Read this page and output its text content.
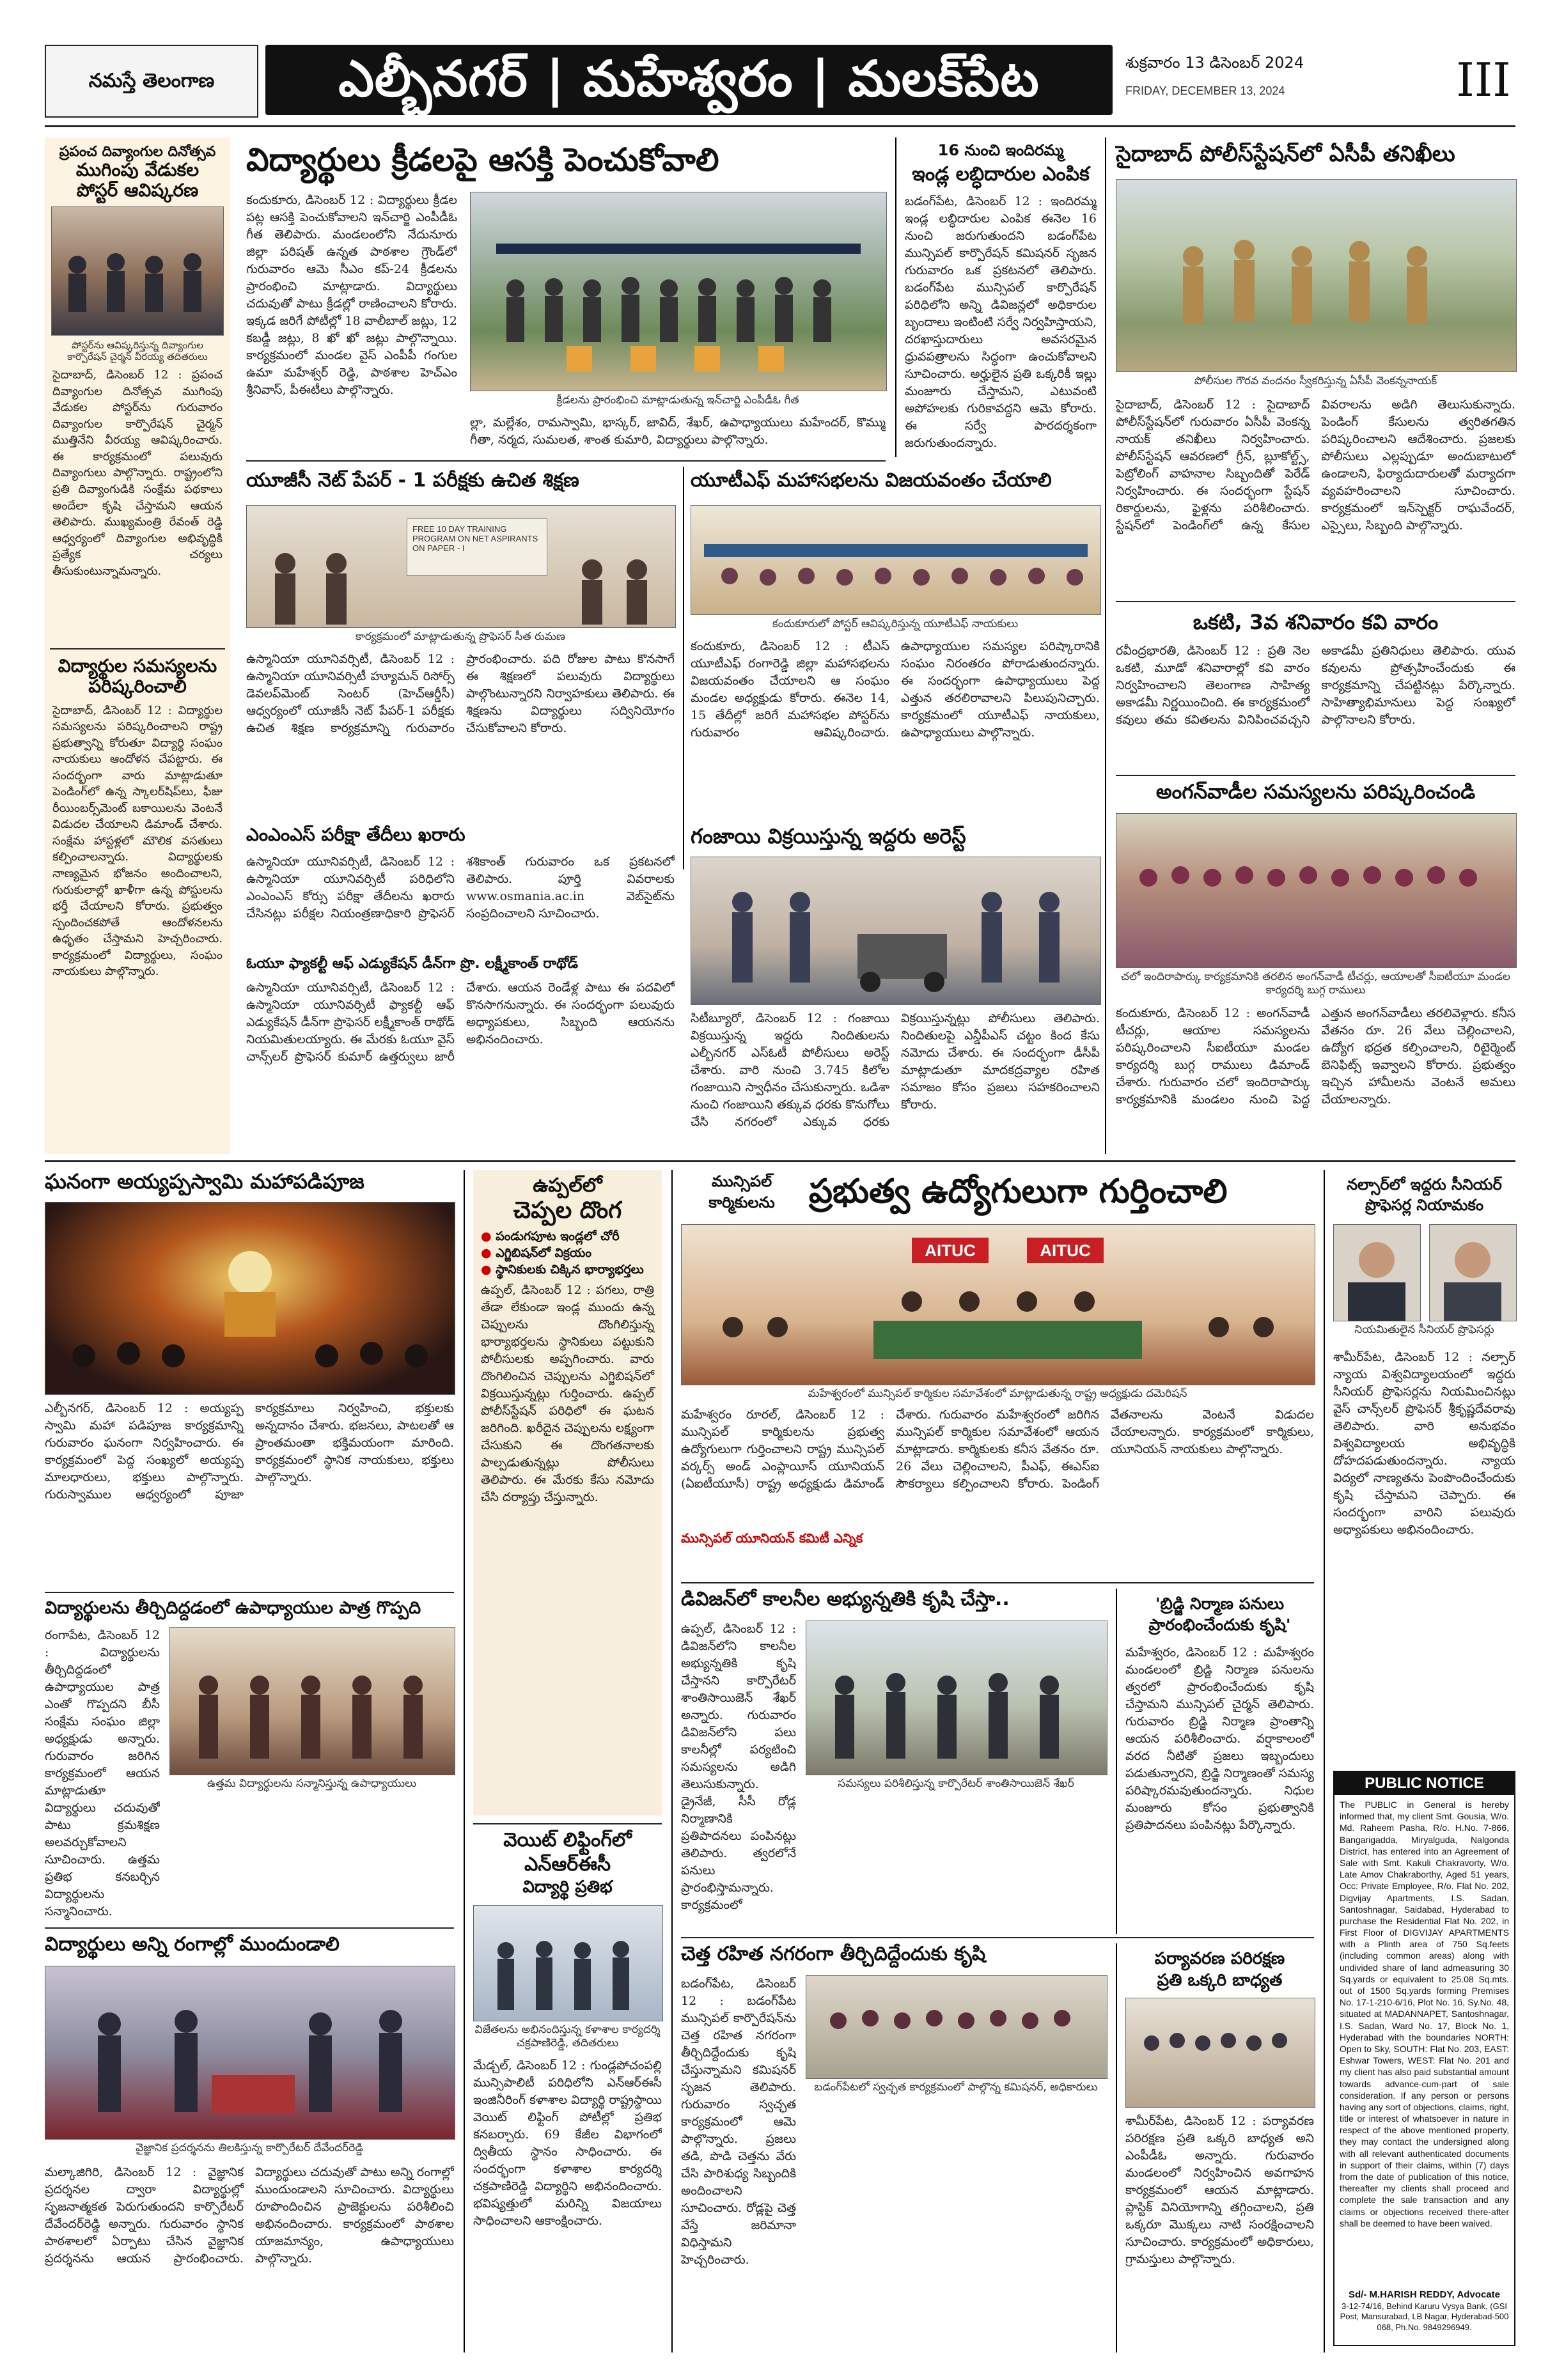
నమస్తే తెలంగాణ	ఎల్బీనగర్ | మహేశ్వరం | మలక్‌పేట	శుక్రవారం 13 డిసెంబర్ 2024
FRIDAY, DECEMBER 13, 2024	III
ప్రపంచ దివ్యాంగుల దినోత్సవ
ముగింపు వేడుకల
పోస్టర్ ఆవిష్కరణ
పోస్టర్‌ను ఆవిష్కరిస్తున్న దివ్యాంగుల కార్పొరేషన్ చైర్మన్ వీరయ్య తదితరులు
సైదాబాద్, డిసెంబర్ 12 : ప్రపంచ దివ్యాంగుల దినోత్సవ ముగింపు వేడుకల పోస్టర్‌ను గురువారం దివ్యాంగుల కార్పొరేషన్ చైర్మన్ ముత్తినేని వీరయ్య ఆవిష్కరించారు. ఈ కార్యక్రమంలో పలువురు దివ్యాంగులు పాల్గొన్నారు. రాష్ట్రంలోని ప్రతి దివ్యాంగుడికి సంక్షేమ పథకాలు అందేలా కృషి చేస్తామని ఆయన తెలిపారు. ముఖ్యమంత్రి రేవంత్ రెడ్డి ఆధ్వర్యంలో దివ్యాంగుల అభివృద్ధికి ప్రత్యేక చర్యలు తీసుకుంటున్నామన్నారు.
విద్యార్థుల సమస్యలను
పరిష్కరించాలి
సైదాబాద్, డిసెంబర్ 12 : విద్యార్థుల సమస్యలను పరిష్కరించాలని రాష్ట్ర ప్రభుత్వాన్ని కోరుతూ విద్యార్థి సంఘం నాయకులు ఆందోళన చేపట్టారు. ఈ సందర్భంగా వారు మాట్లాడుతూ పెండింగ్‌లో ఉన్న స్కాలర్‌షిప్‌లు, ఫీజు రీయింబర్స్‌మెంట్ బకాయిలను వెంటనే విడుదల చేయాలని డిమాండ్ చేశారు. సంక్షేమ హాస్టళ్లలో మౌలిక వసతులు కల్పించాలన్నారు. విద్యార్థులకు నాణ్యమైన భోజనం అందించాలని, గురుకులాల్లో ఖాళీగా ఉన్న పోస్టులను భర్తీ చేయాలని కోరారు. ప్రభుత్వం స్పందించకపోతే ఆందోళనలను ఉధృతం చేస్తామని హెచ్చరించారు. కార్యక్రమంలో విద్యార్థులు, సంఘం నాయకులు పాల్గొన్నారు.
విద్యార్థులు క్రీడలపై ఆసక్తి పెంచుకోవాలి
కందుకూరు, డిసెంబర్ 12 : విద్యార్థులు క్రీడల పట్ల ఆసక్తి పెంచుకోవాలని ఇన్‌చార్జి ఎంపీడీఓ గీత తెలిపారు. మండలంలోని నేదునూరు జిల్లా పరిషత్ ఉన్నత పాఠశాల గ్రౌండ్‌లో గురువారం ఆమె సీఎం కప్-24 క్రీడలను ప్రారంభించి మాట్లాడారు. విద్యార్థులు చదువుతో పాటు క్రీడల్లో రాణించాలని కోరారు. ఇక్కడ జరిగే పోటీల్లో 18 వాలీబాల్ జట్లు, 12 కబడ్డీ జట్లు, 8 ఖో ఖో జట్లు పాల్గొన్నాయి. కార్యక్రమంలో మండల వైస్ ఎంపీపీ గంగుల ఉమా మహేశ్వర్ రెడ్డి, పాఠశాల హెచ్‌ఎం శ్రీనివాస్, పీఈటీలు పాల్గొన్నారు.
క్రీడలను ప్రారంభించి మాట్లాడుతున్న ఇన్‌చార్జి ఎంపీడీఓ గీత
ల్లా, మల్లేశం, రామస్వామి, భాస్కర్, జావిద్, శేఖర్, ఉపాధ్యాయులు మహేందర్, కొమ్ము గీతా, నర్మద, సుమలత, శాంత కుమారి, విద్యార్థులు పాల్గొన్నారు.
16 నుంచి ఇందిరమ్మ
ఇండ్ల లబ్ధిదారుల ఎంపిక
బడంగ్‌పేట, డిసెంబర్ 12 : ఇందిరమ్మ ఇండ్ల లబ్ధిదారుల ఎంపిక ఈనెల 16 నుంచి జరుగుతుందని బడంగ్‌పేట మున్సిపల్ కార్పొరేషన్ కమిషనర్ సృజన గురువారం ఒక ప్రకటనలో తెలిపారు. బడంగ్‌పేట మున్సిపల్ కార్పొరేషన్ పరిధిలోని అన్ని డివిజన్లలో అధికారుల బృందాలు ఇంటింటి సర్వే నిర్వహిస్తాయని, దరఖాస్తుదారులు అవసరమైన ధ్రువపత్రాలను సిద్ధంగా ఉంచుకోవాలని సూచించారు. అర్హులైన ప్రతి ఒక్కరికీ ఇల్లు మంజూరు చేస్తామని, ఎటువంటి అపోహలకు గురికావద్దని ఆమె కోరారు. ఈ సర్వే పారదర్శకంగా జరుగుతుందన్నారు.
సైదాబాద్ పోలీస్‌స్టేషన్‌లో ఏసీపీ తనిఖీలు
పోలీసుల గౌరవ వందనం స్వీకరిస్తున్న ఏసీపీ వెంకన్ననాయక్
సైదాబాద్, డిసెంబర్ 12 : సైదాబాద్ పోలీస్‌స్టేషన్‌లో గురువారం ఏసీపీ వెంకన్న నాయక్ తనిఖీలు నిర్వహించారు. పోలీస్‌స్టేషన్ ఆవరణలో గ్రీన్, బ్లూకోల్ట్స్, పెట్రోలింగ్ వాహనాల సిబ్బందితో పెరేడ్ నిర్వహించారు. ఈ సందర్భంగా స్టేషన్ రికార్డులను, ఫైళ్లను పరిశీలించారు. స్టేషన్‌లో పెండింగ్‌లో ఉన్న కేసుల వివరాలను అడిగి తెలుసుకున్నారు. పెండింగ్ కేసులను త్వరితగతిన పరిష్కరించాలని ఆదేశించారు. ప్రజలకు పోలీసులు ఎల్లప్పుడూ అందుబాటులో ఉండాలని, ఫిర్యాదుదారులతో మర్యాదగా వ్యవహరించాలని సూచించారు. కార్యక్రమంలో ఇన్‌స్పెక్టర్ రాఘవేందర్, ఎస్సైలు, సిబ్బంది పాల్గొన్నారు.
యూజీసీ నెట్ పేపర్ - 1 పరీక్షకు ఉచిత శిక్షణ
FREE 10 DAY TRAINING PROGRAM ON NET ASPIRANTS ON PAPER - I
కార్యక్రమంలో మాట్లాడుతున్న ప్రొఫెసర్ సీత రుమణ
ఉస్మానియా యూనివర్సిటీ, డిసెంబర్ 12 : ఉస్మానియా యూనివర్సిటీ హ్యూమన్ రిసోర్స్ డెవలప్‌మెంట్ సెంటర్ (హెచ్‌ఆర్డీసీ) ఆధ్వర్యంలో యూజీసీ నెట్ పేపర్-1 పరీక్షకు ఉచిత శిక్షణ కార్యక్రమాన్ని గురువారం ప్రారంభించారు. పది రోజుల పాటు కొనసాగే ఈ శిక్షణలో పలువురు విద్యార్థులు పాల్గొంటున్నారని నిర్వాహకులు తెలిపారు. ఈ శిక్షణను విద్యార్థులు సద్వినియోగం చేసుకోవాలని కోరారు.
యూటీఎఫ్ మహాసభలను విజయవంతం చేయాలి
కందుకూరులో పోస్టర్ ఆవిష్కరిస్తున్న యూటీఎఫ్ నాయకులు
కందుకూరు, డిసెంబర్ 12 : టీఎస్ యూటీఎఫ్ రంగారెడ్డి జిల్లా మహాసభలను విజయవంతం చేయాలని ఆ సంఘం మండల అధ్యక్షుడు కోరారు. ఈనెల 14, 15 తేదీల్లో జరిగే మహాసభల పోస్టర్‌ను గురువారం ఆవిష్కరించారు. ఉపాధ్యాయుల సమస్యల పరిష్కారానికి సంఘం నిరంతరం పోరాడుతుందన్నారు. ఈ సందర్భంగా ఉపాధ్యాయులు పెద్ద ఎత్తున తరలిరావాలని పిలుపునిచ్చారు. కార్యక్రమంలో యూటీఎఫ్ నాయకులు, ఉపాధ్యాయులు పాల్గొన్నారు.
ఒకటి, 3వ శనివారం కవి వారం
రవీంద్రభారతి, డిసెంబర్ 12 : ప్రతి నెల ఒకటి, మూడో శనివారాల్లో కవి వారం నిర్వహించాలని తెలంగాణ సాహిత్య అకాడమీ నిర్ణయించింది. ఈ కార్యక్రమంలో కవులు తమ కవితలను వినిపించవచ్చని అకాడమీ ప్రతినిధులు తెలిపారు. యువ కవులను ప్రోత్సహించేందుకు ఈ కార్యక్రమాన్ని చేపట్టినట్లు పేర్కొన్నారు. సాహిత్యాభిమానులు పెద్ద సంఖ్యలో పాల్గొనాలని కోరారు.
అంగన్‌వాడీల సమస్యలను పరిష్కరించండి
చలో ఇందిరాపార్కు కార్యక్రమానికి తరలిన అంగన్‌వాడీ టీచర్లు, ఆయాలతో సీఐటీయూ మండల కార్యదర్శి బుగ్గ రాములు
కందుకూరు, డిసెంబర్ 12 : అంగన్‌వాడీ టీచర్లు, ఆయాల సమస్యలను పరిష్కరించాలని సీఐటీయూ మండల కార్యదర్శి బుగ్గ రాములు డిమాండ్ చేశారు. గురువారం చలో ఇందిరాపార్కు కార్యక్రమానికి మండలం నుంచి పెద్ద ఎత్తున అంగన్‌వాడీలు తరలివెళ్లారు. కనీస వేతనం రూ. 26 వేలు చెల్లించాలని, ఉద్యోగ భద్రత కల్పించాలని, రిటైర్మెంట్ బెనిఫిట్స్ ఇవ్వాలని కోరారు. ప్రభుత్వం ఇచ్చిన హామీలను వెంటనే అమలు చేయాలన్నారు.
ఎంఎంఎస్ పరీక్షా తేదీలు ఖరారు
ఉస్మానియా యూనివర్సిటీ, డిసెంబర్ 12 : ఉస్మానియా యూనివర్సిటీ పరిధిలోని ఎంఎంఎస్ కోర్సు పరీక్షా తేదీలను ఖరారు చేసినట్లు పరీక్షల నియంత్రణాధికారి ప్రొఫెసర్ శశికాంత్ గురువారం ఒక ప్రకటనలో తెలిపారు. పూర్తి వివరాలకు www.osmania.ac.in వెబ్‌సైట్‌ను సంప్రదించాలని సూచించారు.
ఓయూ ఫ్యాకల్టీ ఆఫ్ ఎడ్యుకేషన్ డీన్‌గా ప్రొ. లక్ష్మీకాంత్ రాథోడ్
ఉస్మానియా యూనివర్సిటీ, డిసెంబర్ 12 : ఉస్మానియా యూనివర్సిటీ ఫ్యాకల్టీ ఆఫ్ ఎడ్యుకేషన్ డీన్‌గా ప్రొఫెసర్ లక్ష్మీకాంత్ రాథోడ్ నియమితులయ్యారు. ఈ మేరకు ఓయూ వైస్ చాన్స్‌లర్ ప్రొఫెసర్ కుమార్ ఉత్తర్వులు జారీ చేశారు. ఆయన రెండేళ్ల పాటు ఈ పదవిలో కొనసాగనున్నారు. ఈ సందర్భంగా పలువురు అధ్యాపకులు, సిబ్బంది ఆయనను అభినందించారు.
గంజాయి విక్రయిస్తున్న ఇద్దరు అరెస్ట్
సిటీబ్యూరో, డిసెంబర్ 12 : గంజాయి విక్రయిస్తున్న ఇద్దరు నిందితులను ఎల్బీనగర్ ఎస్‌ఓటీ పోలీసులు అరెస్ట్ చేశారు. వారి నుంచి 3.745 కిలోల గంజాయిని స్వాధీనం చేసుకున్నారు. ఒడిశా నుంచి గంజాయిని తక్కువ ధరకు కొనుగోలు చేసి నగరంలో ఎక్కువ ధరకు విక్రయిస్తున్నట్లు పోలీసులు తెలిపారు. నిందితులపై ఎన్డీపీఎస్ చట్టం కింద కేసు నమోదు చేశారు. ఈ సందర్భంగా డీసీపీ మాట్లాడుతూ మాదకద్రవ్యాల రహిత సమాజం కోసం ప్రజలు సహకరించాలని కోరారు.
ఘనంగా అయ్యప్పస్వామి మహాపడిపూజ
ఎల్బీనగర్, డిసెంబర్ 12 : అయ్యప్ప స్వామి మహా పడిపూజ కార్యక్రమాన్ని గురువారం ఘనంగా నిర్వహించారు. ఈ కార్యక్రమంలో పెద్ద సంఖ్యలో అయ్యప్ప మాలధారులు, భక్తులు పాల్గొన్నారు. గురుస్వాముల ఆధ్వర్యంలో పూజా కార్యక్రమాలు నిర్వహించి, భక్తులకు అన్నదానం చేశారు. భజనలు, పాటలతో ఆ ప్రాంతమంతా భక్తిమయంగా మారింది. కార్యక్రమంలో స్థానిక నాయకులు, భక్తులు పాల్గొన్నారు.
విద్యార్థులను తీర్చిదిద్దడంలో ఉపాధ్యాయుల పాత్ర గొప్పది
రంగాపేట, డిసెంబర్ 12 : విద్యార్థులను తీర్చిదిద్దడంలో ఉపాధ్యాయుల పాత్ర ఎంతో గొప్పదని బీసీ సంక్షేమ సంఘం జిల్లా అధ్యక్షుడు అన్నారు. గురువారం జరిగిన కార్యక్రమంలో ఆయన మాట్లాడుతూ విద్యార్థులు చదువుతో పాటు క్రమశిక్షణ అలవర్చుకోవాలని సూచించారు. ఉత్తమ ప్రతిభ కనబర్చిన విద్యార్థులను సన్మానించారు.
ఉత్తమ విద్యార్థులను సన్మానిస్తున్న ఉపాధ్యాయులు
విద్యార్థులు అన్ని రంగాల్లో ముందుండాలి
వైజ్ఞానిక ప్రదర్శనను తిలకిస్తున్న కార్పొరేటర్ దేవేందర్‌రెడ్డి
మల్కాజిగిరి, డిసెంబర్ 12 : వైజ్ఞానిక ప్రదర్శనల ద్వారా విద్యార్థుల్లో సృజనాత్మకత పెరుగుతుందని కార్పొరేటర్ దేవేందర్‌రెడ్డి అన్నారు. గురువారం స్థానిక పాఠశాలలో ఏర్పాటు చేసిన వైజ్ఞానిక ప్రదర్శనను ఆయన ప్రారంభించారు. విద్యార్థులు చదువుతో పాటు అన్ని రంగాల్లో ముందుండాలని సూచించారు. విద్యార్థులు రూపొందించిన ప్రాజెక్టులను పరిశీలించి అభినందించారు. కార్యక్రమంలో పాఠశాల యాజమాన్యం, ఉపాధ్యాయులు పాల్గొన్నారు.
ఉప్పల్‌లో
చెప్పల దొంగ
● పండుగపూట ఇండ్లలో చోరీ
● ఎగ్జిబిషన్‌లో విక్రయం
● స్థానికులకు చిక్కిన భార్యాభర్తలు
ఉప్పల్, డిసెంబర్ 12 : పగలు, రాత్రి తేడా లేకుండా ఇండ్ల ముందు ఉన్న చెప్పులను దొంగిలిస్తున్న భార్యాభర్తలను స్థానికులు పట్టుకుని పోలీసులకు అప్పగించారు. వారు దొంగిలించిన చెప్పులను ఎగ్జిబిషన్‌లో విక్రయిస్తున్నట్లు గుర్తించారు. ఉప్పల్ పోలీస్‌స్టేషన్ పరిధిలో ఈ ఘటన జరిగింది. ఖరీదైన చెప్పులను లక్ష్యంగా చేసుకుని ఈ దొంగతనాలకు పాల్పడుతున్నట్లు పోలీసులు తెలిపారు. ఈ మేరకు కేసు నమోదు చేసి దర్యాప్తు చేస్తున్నారు.
వెయిట్ లిఫ్టింగ్‌లో
ఎన్‌ఆర్ఈసీ
విద్యార్థి ప్రతిభ
విజేతలను అభినందిస్తున్న కళాశాల కార్యదర్శి చక్రపాణిరెడ్డి, తదితరులు
మేడ్చల్, డిసెంబర్ 12 : గుండ్లపోచంపల్లి మున్సిపాలిటీ పరిధిలోని ఎన్‌ఆర్ఈసీ ఇంజినీరింగ్ కళాశాల విద్యార్థి రాష్ట్రస్థాయి వెయిట్ లిఫ్టింగ్ పోటీల్లో ప్రతిభ కనబర్చారు. 69 కేజీల విభాగంలో ద్వితీయ స్థానం సాధించారు. ఈ సందర్భంగా కళాశాల కార్యదర్శి చక్రపాణిరెడ్డి విద్యార్థిని అభినందించారు. భవిష్యత్తులో మరిన్ని విజయాలు సాధించాలని ఆకాంక్షించారు.
మున్సిపల్
కార్మికులను	ప్రభుత్వ ఉద్యోగులుగా గుర్తించాలి
AITUC	AITUC
మహేశ్వరంలో మున్సిపల్ కార్మికుల సమావేశంలో మాట్లాడుతున్న రాష్ట్ర అధ్యక్షుడు దమెరిషన్
మహేశ్వరం రూరల్, డిసెంబర్ 12 : మున్సిపల్ కార్మికులను ప్రభుత్వ ఉద్యోగులుగా గుర్తించాలని రాష్ట్ర మున్సిపల్ వర్కర్స్ అండ్ ఎంప్లాయీస్ యూనియన్ (ఏఐటీయూసీ) రాష్ట్ర అధ్యక్షుడు డిమాండ్ చేశారు. గురువారం మహేశ్వరంలో జరిగిన మున్సిపల్ కార్మికుల సమావేశంలో ఆయన మాట్లాడారు. కార్మికులకు కనీస వేతనం రూ. 26 వేలు చెల్లించాలని, పీఎఫ్, ఈఎస్ఐ సౌకర్యాలు కల్పించాలని కోరారు. పెండింగ్ వేతనాలను వెంటనే విడుదల చేయాలన్నారు. కార్యక్రమంలో కార్మికులు, యూనియన్ నాయకులు పాల్గొన్నారు.
మున్సిపల్ యూనియన్ కమిటీ ఎన్నిక
డివిజన్‌లో కాలనీల అభ్యున్నతికి కృషి చేస్తా..
ఉప్పల్, డిసెంబర్ 12 : డివిజన్‌లోని కాలనీల అభ్యున్నతికి కృషి చేస్తానని కార్పొరేటర్ శాంతిసాయిజెన్ శేఖర్ అన్నారు. గురువారం డివిజన్‌లోని పలు కాలనీల్లో పర్యటించి సమస్యలను అడిగి తెలుసుకున్నారు. డ్రైనేజీ, సీసీ రోడ్ల నిర్మాణానికి ప్రతిపాదనలు పంపినట్లు తెలిపారు. త్వరలోనే పనులు ప్రారంభిస్తామన్నారు. కార్యక్రమంలో
సమస్యలు పరిశీలిస్తున్న కార్పొరేటర్ శాంతిసాయిజెన్ శేఖర్
'బ్రిడ్జి నిర్మాణ పనులు
ప్రారంభించేందుకు కృషి'
మహేశ్వరం, డిసెంబర్ 12 : మహేశ్వరం మండలంలో బ్రిడ్జి నిర్మాణ పనులను త్వరలో ప్రారంభించేందుకు కృషి చేస్తామని మున్సిపల్ చైర్మన్ తెలిపారు. గురువారం బ్రిడ్జి నిర్మాణ ప్రాంతాన్ని ఆయన పరిశీలించారు. వర్షాకాలంలో వరద నీటితో ప్రజలు ఇబ్బందులు పడుతున్నారని, బ్రిడ్జి నిర్మాణంతో సమస్య పరిష్కారమవుతుందన్నారు. నిధుల మంజూరు కోసం ప్రభుత్వానికి ప్రతిపాదనలు పంపినట్లు పేర్కొన్నారు.
చెత్త రహిత నగరంగా తీర్చిదిద్దేందుకు కృషి
బడంగ్‌పేట, డిసెంబర్ 12 : బడంగ్‌పేట మున్సిపల్ కార్పొరేషన్‌ను చెత్త రహిత నగరంగా తీర్చిదిద్దేందుకు కృషి చేస్తున్నామని కమిషనర్ సృజన తెలిపారు. గురువారం స్వచ్ఛత కార్యక్రమంలో ఆమె పాల్గొన్నారు. ప్రజలు తడి, పొడి చెత్తను వేరు చేసి పారిశుధ్య సిబ్బందికి అందించాలని సూచించారు. రోడ్లపై చెత్త వేస్తే జరిమానా విధిస్తామని హెచ్చరించారు.
బడంగ్‌పేటలో స్వచ్ఛత కార్యక్రమంలో పాల్గొన్న కమిషనర్, అధికారులు
పర్యావరణ పరిరక్షణ
ప్రతి ఒక్కరి బాధ్యత
శామీర్‌పేట, డిసెంబర్ 12 : పర్యావరణ పరిరక్షణ ప్రతి ఒక్కరి బాధ్యత అని ఎంపీడీఓ అన్నారు. గురువారం మండలంలో నిర్వహించిన అవగాహన కార్యక్రమంలో ఆయన మాట్లాడారు. ప్లాస్టిక్ వినియోగాన్ని తగ్గించాలని, ప్రతి ఒక్కరూ మొక్కలు నాటి సంరక్షించాలని సూచించారు. కార్యక్రమంలో అధికారులు, గ్రామస్తులు పాల్గొన్నారు.
నల్సార్‌లో ఇద్దరు సీనియర్
ప్రొఫెసర్ల నియామకం
నియమితులైన సీనియర్ ప్రొఫెసర్లు
శామీర్‌పేట, డిసెంబర్ 12 : నల్సార్ న్యాయ విశ్వవిద్యాలయంలో ఇద్దరు సీనియర్ ప్రొఫెసర్లను నియమించినట్లు వైస్ చాన్స్‌లర్ ప్రొఫెసర్ శ్రీకృష్ణదేవరావు తెలిపారు. వారి అనుభవం విశ్వవిద్యాలయ అభివృద్ధికి దోహదపడుతుందన్నారు. న్యాయ విద్యలో నాణ్యతను పెంపొందించేందుకు కృషి చేస్తామని చెప్పారు. ఈ సందర్భంగా వారిని పలువురు అధ్యాపకులు అభినందించారు.
PUBLIC NOTICE
The PUBLIC in General is hereby informed that, my client Smt. Gousia, W/o. Md. Raheem Pasha, R/o. H.No. 7-866, Bangarigadda, Miryalguda, Nalgonda District, has entered into an Agreement of Sale with Smt. Kakuli Chakravorty, W/o. Late Amov Chakraborthy, Aged 51 years, Occ: Private Employee, R/o. Flat No. 202, Digvijay Apartments, I.S. Sadan, Santoshnagar, Saidabad, Hyderabad to purchase the Residential Flat No. 202, in First Floor of DIGVIJAY APARTMENTS with a Plinth area of 750 Sq.feets (including common areas) along with undivided share of land admeasuring 30 Sq.yards or equivalent to 25.08 Sq.mts. out of 1500 Sq.yards forming Premises No. 17-1-210-6/16, Plot No. 16, Sy.No. 48, situated at MADANNAPET, Santoshnagar, I.S. Sadan, Ward No. 17, Block No. 1, Hyderabad with the boundaries NORTH: Open to Sky, SOUTH: Flat No. 203, EAST: Eshwar Towers, WEST: Flat No. 201 and my client has also paid substantial amount towards advance-cum-part of sale consideration. If any person or persons having any sort of objections, claims, right, title or interest of whatsoever in nature in respect of the above mentioned property, they may contact the undersigned along with all relevant authenticated documents in support of their claims, within (7) days from the date of publication of this notice, thereafter my clients shall proceed and complete the sale transaction and any claims or objections received there-after shall be deemed to have been waived.
Sd/- M.HARISH REDDY, Advocate
3-12-74/16, Behind Karuru Vysya Bank, (GSI Post, Mansurabad, LB Nagar, Hyderabad-500 068, Ph.No. 9849296949.
